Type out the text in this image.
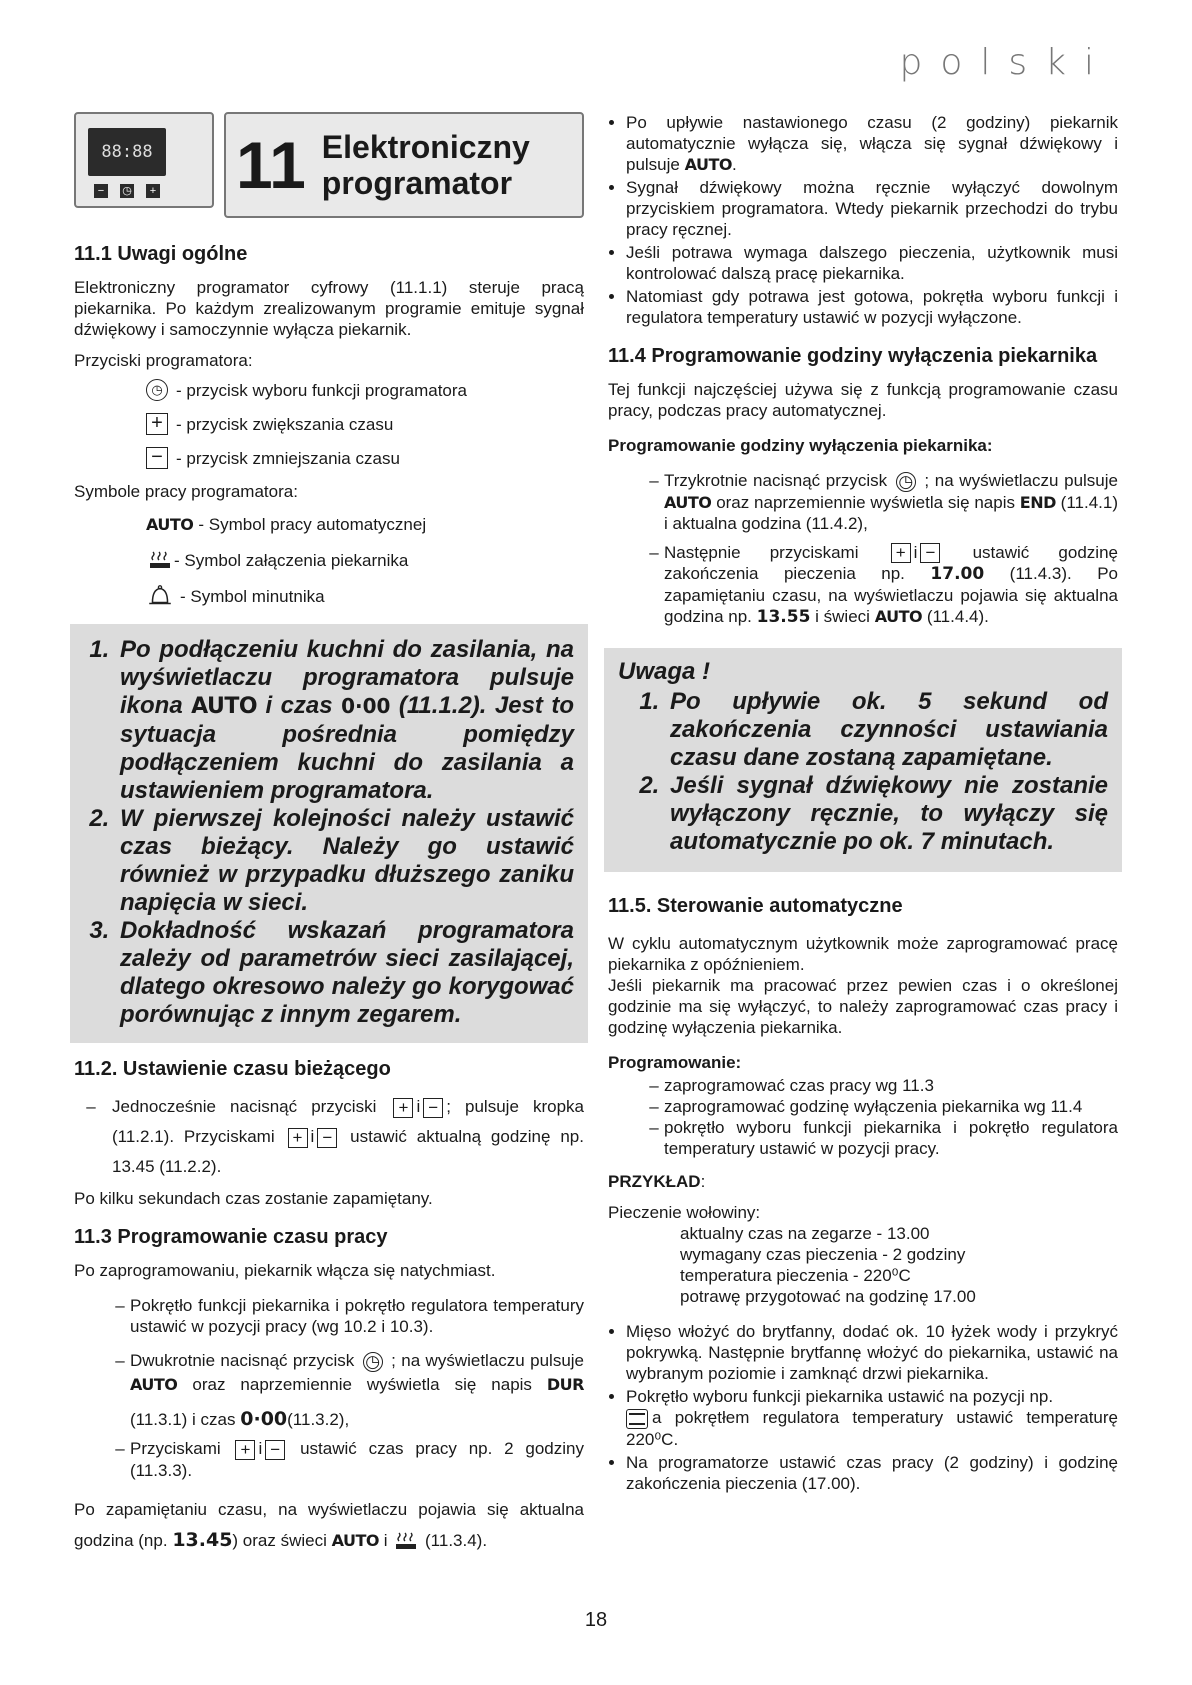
polski
88:88
−	◷	+ 11 Elektroniczny
programator
11.1 Uwagi ogólne

Elektroniczny programator cyfrowy (11.1.1) steruje pracą piekarnika. Po każdym zrealizowanym programie emituje sygnał dźwiękowy i samoczynnie wyłącza piekarnik.

Przyciski programatora:

◷ - przycisk wyboru funkcji programatora
+ - przycisk zwiększania czasu
− - przycisk zmniejszania czasu

Symbole pracy programatora:

AUTO - Symbol pracy automatycznej
- Symbol załączenia piekarnika
- Symbol minutnika
1. Po podłączeniu kuchni do zasilania, na wyświetlaczu programatora pulsuje ikona AUTO i czas 0·00 (11.1.2). Jest to sytuacja pośrednia pomiędzy podłączeniem kuchni do zasilania a ustawieniem programatora.
2. W pierwszej kolejności należy ustawić czas bieżący. Należy go ustawić również w przypadku dłuższego zaniku napięcia w sieci.
3. Dokładność wskazań programatora zależy od parametrów sieci zasilającej, dlatego okresowo należy go korygować porównując z innym zegarem.
11.2. Ustawienie czasu bieżącego
– Jednocześnie nacisnąć przyciski + i − ; pulsuje kropka (11.2.1). Przyciskami + i − ustawić aktualną godzinę np. 13.45 (11.2.2).

Po kilku sekundach czas zostanie zapamiętany.

11.3 Programowanie czasu pracy

Po zaprogramowaniu, piekarnik włącza się natychmiast.

– Pokrętło funkcji piekarnika i pokrętło regulatora temperatury ustawić w pozycji pracy (wg 10.2 i 10.3).
– Dwukrotnie nacisnąć przycisk ◷ ; na wyświetlaczu pulsuje AUTO oraz naprzemiennie wyświetla się napis DUR (11.3.1) i czas 0·00(11.3.2),
– Przyciskami + i − ustawić czas pracy np. 2 godziny (11.3.3).

Po zapamiętaniu czasu, na wyświetlaczu pojawia się aktualna godzina (np. 13.45) oraz świeci AUTO i (11.3.4).

• Po upływie nastawionego czasu (2 godziny) piekarnik automatycznie wyłącza się, włącza się sygnał dźwiękowy i pulsuje AUTO.
• Sygnał dźwiękowy można ręcznie wyłączyć dowolnym przyciskiem programatora. Wtedy piekarnik przechodzi do trybu pracy ręcznej.
• Jeśli potrawa wymaga dalszego pieczenia, użytkownik musi kontrolować dalszą pracę piekarnika.
• Natomiast gdy potrawa jest gotowa, pokrętła wyboru funkcji i regulatora temperatury ustawić w pozycji wyłączone.
11.4 Programowanie godziny wyłączenia piekarnika

Tej funkcji najczęściej używa się z funkcją programowanie czasu pracy, podczas pracy automatycznej.

Programowanie godziny wyłączenia piekarnika:
– Trzykrotnie nacisnąć przycisk ◷ ; na wyświetlaczu pulsuje AUTO oraz naprzemiennie wyświetla się napis END (11.4.1) i aktualna godzina (11.4.2),
– Następnie przyciskami + i − ustawić godzinę zakończenia pieczenia np. 17.00 (11.4.3). Po zapamiętaniu czasu, na wyświetlaczu pojawia się aktualna godzina np. 13.55 i świeci AUTO (11.4.4).
Uwaga !
1. Po upływie ok. 5 sekund od zakończenia czynności ustawiania czasu dane zostaną zapamiętane.
2. Jeśli sygnał dźwiękowy nie zostanie wyłączony ręcznie, to wyłączy się automatycznie po ok. 7 minutach.
11.5. Sterowanie automatyczne

W cyklu automatycznym użytkownik może zaprogramować pracę piekarnika z opóźnieniem.
Jeśli piekarnik ma pracować przez pewien czas i o określonej godzinie ma się wyłączyć, to należy zaprogramować czas pracy i godzinę wyłączenia piekarnika.

Programowanie:
– zaprogramować czas pracy wg 11.3
– zaprogramować godzinę wyłączenia piekarnika wg 11.4
– pokrętło wyboru funkcji piekarnika i pokrętło regulatora temperatury ustawić w pozycji pracy.

PRZYKŁAD:

Pieczenie wołowiny:

aktualny czas na zegarze - 13.00
wymagany czas pieczenia - 2 godziny
temperatura pieczenia - 220⁰C
potrawę przygotować na godzinę 17.00
• Mięso włożyć do brytfanny, dodać ok. 10 łyżek wody i przykryć pokrywką. Następnie brytfannę włożyć do piekarnika, ustawić na wybranym poziomie i zamknąć drzwi piekarnika.
• Pokrętło wyboru funkcji piekarnika ustawić na pozycji np.

a pokrętłem regulatora temperatury ustawić temperaturę 220⁰C.
• Na programatorze ustawić czas pracy (2 godziny) i godzinę zakończenia pieczenia (17.00).
18
